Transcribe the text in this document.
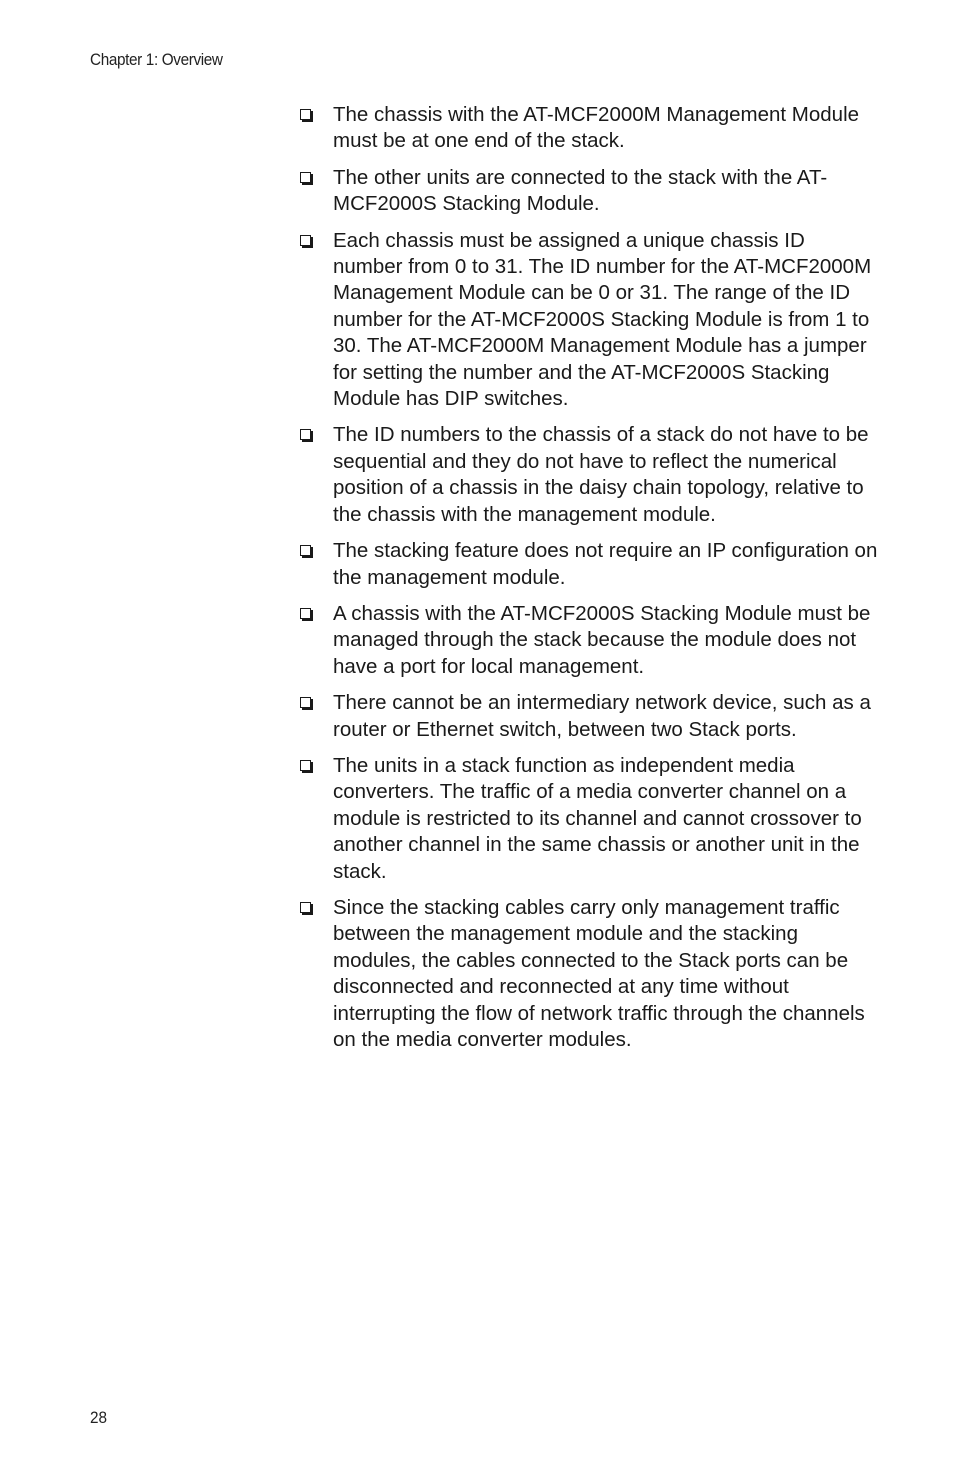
Chapter 1: Overview
The chassis with the AT-MCF2000M Management Module must be at one end of the stack.
The other units are connected to the stack with the AT-MCF2000S Stacking Module.
Each chassis must be assigned a unique chassis ID number from 0 to 31. The ID number for the AT-MCF2000M Management Module can be 0 or 31. The range of the ID number for the AT-MCF2000S Stacking Module is from 1 to 30. The AT-MCF2000M Management Module has a jumper for setting the number and the AT-MCF2000S Stacking Module has DIP switches.
The ID numbers to the chassis of a stack do not have to be sequential and they do not have to reflect the numerical position of a chassis in the daisy chain topology, relative to the chassis with the management module.
The stacking feature does not require an IP configuration on the management module.
A chassis with the AT-MCF2000S Stacking Module must be managed through the stack because the module does not have a port for local management.
There cannot be an intermediary network device, such as a router or Ethernet switch, between two Stack ports.
The units in a stack function as independent media converters. The traffic of a media converter channel on a module is restricted to its channel and cannot crossover to another channel in the same chassis or another unit in the stack.
Since the stacking cables carry only management traffic between the management module and the stacking modules, the cables connected to the Stack ports can be disconnected and reconnected at any time without interrupting the flow of network traffic through the channels on the media converter modules.
28
